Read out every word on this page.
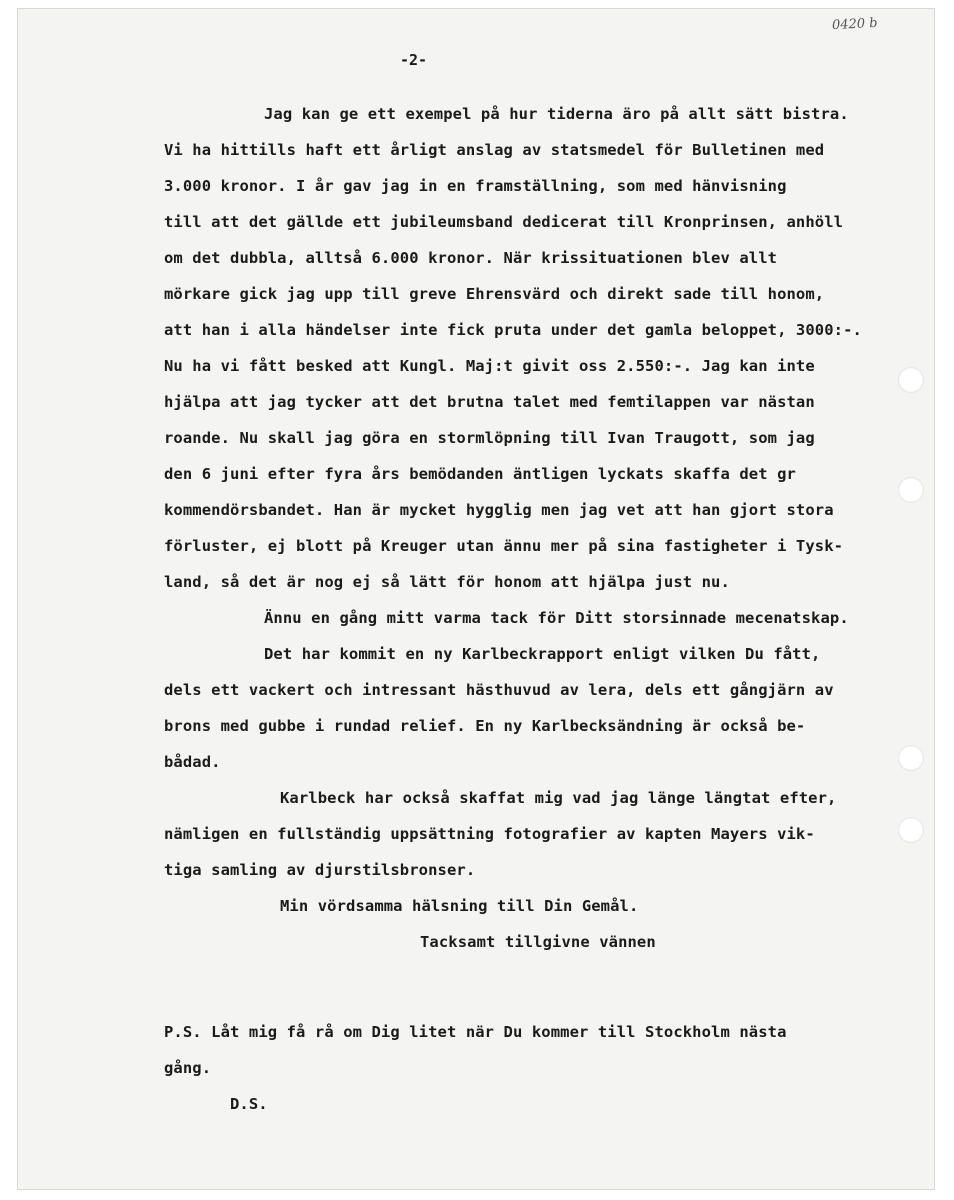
0420 b
-2-
Jag kan ge ett exempel på hur tiderna äro på allt sätt bistra.
Vi ha hittills haft ett årligt anslag av statsmedel för Bulletinen med
3.000 kronor. I år gav jag in en framställning, som med hänvisning
till att det gällde ett jubileumsband dedicerat till Kronprinsen, anhöll
om det dubbla, alltså 6.000 kronor. När krissituationen blev allt
mörkare gick jag upp till greve Ehrensvärd och direkt sade till honom,
att han i alla händelser inte fick pruta under det gamla beloppet, 3000:-.
Nu ha vi fått besked att Kungl. Maj:t givit oss 2.550:-. Jag kan inte
hjälpa att jag tycker att det brutna talet med femtilappen var nästan
roande. Nu skall jag göra en stormlöpning till Ivan Traugott, som jag
den 6 juni efter fyra års bemödanden äntligen lyckats skaffa det gr
kommendörsbandet. Han är mycket hygglig men jag vet att han gjort stora
förluster, ej blott på Kreuger utan ännu mer på sina fastigheter i Tysk-
land, så det är nog ej så lätt för honom att hjälpa just nu.
Ännu en gång mitt varma tack för Ditt storsinnade mecenatskap.
Det har kommit en ny Karlbeckrapport enligt vilken Du fått,
dels ett vackert och intressant hästhuvud av lera, dels ett gångjärn av
brons med gubbe i rundad relief. En ny Karlbecksändning är också be-
bådad.
Karlbeck har också skaffat mig vad jag länge längtat efter,
nämligen en fullständig uppsättning fotografier av kapten Mayers vik-
tiga samling av djurstilsbronser.
Min vördsamma hälsning till Din Gemål.
Tacksamt tillgivne vännen
P.S. Låt mig få rå om Dig litet när Du kommer till Stockholm nästa
gång.
D.S.
